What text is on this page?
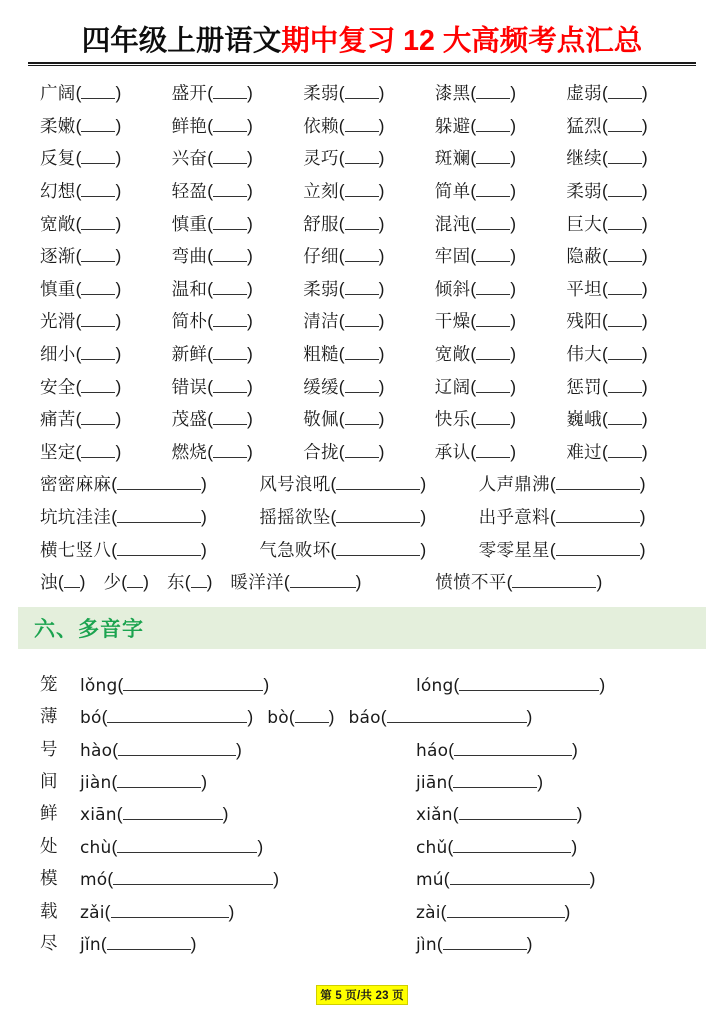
四年级上册语文期中复习 12 大高频考点汇总
广阔 ( )	盛开 ( )	柔弱 ( )	漆黑 ( )	虚弱 ( )
柔嫩 ( )	鲜艳 ( )	依赖 ( )	躲避 ( )	猛烈 ( )
反复 ( )	兴奋 ( )	灵巧 ( )	斑斓 ( )	继续 ( )
幻想 ( )	轻盈 ( )	立刻 ( )	简单 ( )	柔弱 ( )
宽敞 ( )	慎重 ( )	舒服 ( )	混沌 ( )	巨大 ( )
逐渐 ( )	弯曲 ( )	仔细 ( )	牢固 ( )	隐蔽 ( )
慎重 ( )	温和 ( )	柔弱 ( )	倾斜 ( )	平坦 ( )
光滑 ( )	简朴 ( )	清洁 ( )	干燥 ( )	残阳 ( )
细小 ( )	新鲜 ( )	粗糙 ( )	宽敞 ( )	伟大 ( )
安全 ( )	错误 ( )	缓缓 ( )	辽阔 ( )	惩罚 ( )
痛苦 ( )	茂盛 ( )	敬佩 ( )	快乐 ( )	巍峨 ( )
坚定 ( )	燃烧 ( )	合拢 ( )	承认 ( )	难过 ( )
密密麻麻 (	)	风号浪吼 (	)	人声鼎沸 (	)
坑坑洼洼 (	)	摇摇欲坠 (	)	出乎意料 (	)
横七竖八 (	)	气急败坏 (	)	零零星星 (	)
浊 ( ) 少 ( ) 东 ( ) 暖洋洋 (	)	愤愤不平 (	)
六、 多音字
笼	lǒng (	)	lóng (	)
薄	bó (	) bò ( ) báo (	)
号	hào (	)	háo (	)
间	jiàn (	)	jiān (	)
鲜	xiān (	)	xiǎn (	)
处	chù (	)	chǔ (	)
模	mó (	)	mú (	)
载	zǎi (	)	zài (	)
尽	jǐn (	)	jìn (	)
第 5 页/共 23 页
